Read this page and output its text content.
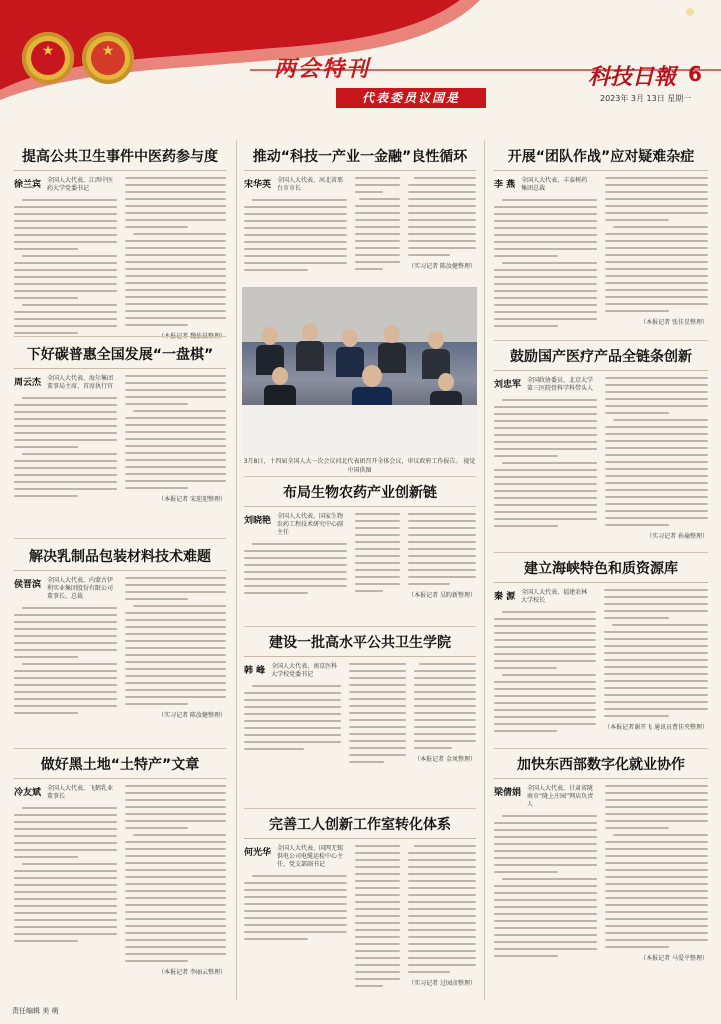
★	★
两会特刊
代表委员议国是
科技日報 6
2023年 3月 13日 星期一
提高公共卫生事件中医药参与度
徐兰宾 全国人大代表、江西中医药大学党委书记
下好碳普惠全国发展“一盘棋”
周云杰 全国人大代表、海尔集团董事局主席、首席执行官
（本报记者 宋迎迎整理）
解决乳制品包装材料技术难题
侯晋滨 全国人大代表、内蒙古伊利实业集团股份有限公司董事长、总裁
（实习记者 陈汝健整理）
做好黑土地“土特产”文章
冷友斌 全国人大代表、飞鹤乳业董事长
（本报记者 李丽云整理）
推动“科技一产业一金融”良性循环
宋华英 全国人大代表、河北省邢台市市长
（实习记者 陈汝健整理）
3月8日，十四届全国人大一次会议河北代表团召开全体会议，审议政府工作报告。 视觉中国供图
布局生物农药产业创新链
刘晓艳 全国人大代表、国家生物农药工程技术研究中心副主任
（本报记者 吴昀新整理）
建设一批高水平公共卫生学院
韩 峰 全国人大代表、南京医科大学校党委书记
（本报记者 金凤整理）
完善工人创新工作室转化体系
何光华 全国人大代表、国网无锡供电公司电缆运检中心主任、党支部副书记
（实习记者 过园彦整理）
开展“团队作战”应对疑难杂症
李 燕 全国人大代表、丰泰树药集团总裁
（本报记者 张佳星整理）
鼓励国产医疗产品全链条创新
刘忠军 全国政协委员、北京大学第三医院骨科学科带头人
（实习记者 孙瑜整理）
建立海峡特色和质资源库
秦 源 全国人大代表、福建农林大学校长
（本报记者谢开飞 通讯员曹佳夹整理）
加快东西部数字化就业协作
梁倩娟 全国人大代表、甘肃省陇南市“陇上庄园”网店负责人
（本报记者 马爱平整理）
责任编辑 美 萌
